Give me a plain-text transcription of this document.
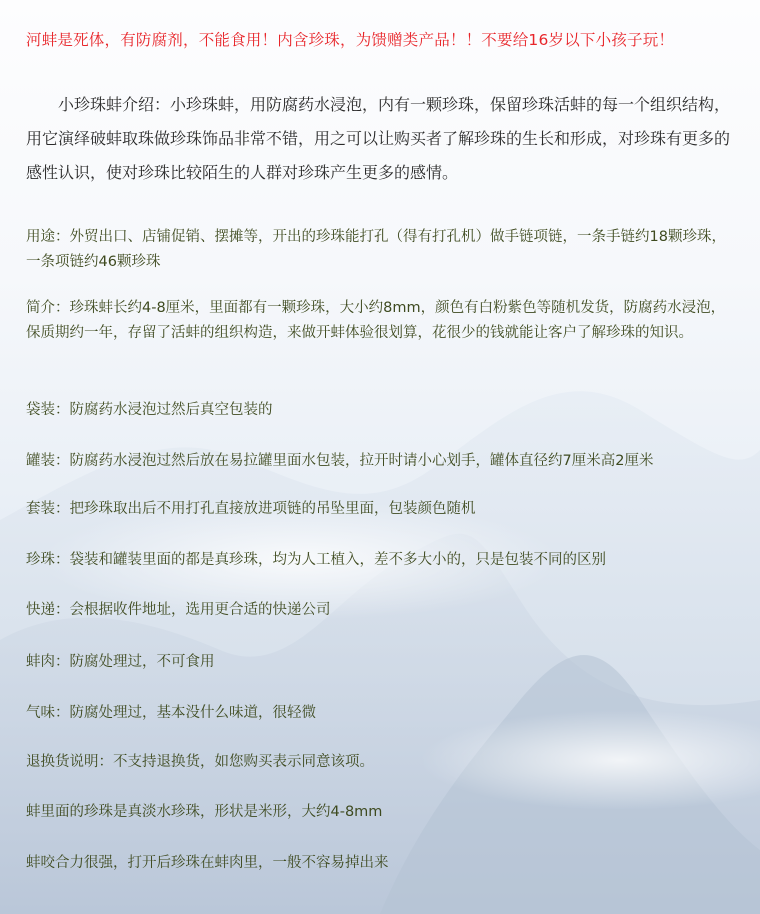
河蚌是死体，有防腐剂，不能食用！内含珍珠，为馈赠类产品！！不要给16岁以下小孩子玩！

小珍珠蚌介绍：小珍珠蚌，用防腐药水浸泡，内有一颗珍珠，保留珍珠活蚌的每一个组织结构，用它演绎破蚌取珠做珍珠饰品非常不错，用之可以让购买者了解珍珠的生长和形成，对珍珠有更多的感性认识，使对珍珠比较陌生的人群对珍珠产生更多的感情。

用途：外贸出口、店铺促销、摆摊等，开出的珍珠能打孔（得有打孔机）做手链项链，一条手链约18颗珍珠，一条项链约46颗珍珠

简介：珍珠蚌长约4-8厘米，里面都有一颗珍珠，大小约8mm，颜色有白粉紫色等随机发货，防腐药水浸泡，保质期约一年，存留了活蚌的组织构造，来做开蚌体验很划算，花很少的钱就能让客户了解珍珠的知识。

袋装：防腐药水浸泡过然后真空包装的

罐装：防腐药水浸泡过然后放在易拉罐里面水包装，拉开时请小心划手，罐体直径约7厘米高2厘米

套装：把珍珠取出后不用打孔直接放进项链的吊坠里面，包装颜色随机

珍珠：袋装和罐装里面的都是真珍珠，均为人工植入，差不多大小的，只是包装不同的区别

快递：会根据收件地址，选用更合适的快递公司

蚌肉：防腐处理过，不可食用

气味：防腐处理过，基本没什么味道，很轻微

退换货说明：不支持退换货，如您购买表示同意该项。

蚌里面的珍珠是真淡水珍珠，形状是米形，大约4-8mm

蚌咬合力很强，打开后珍珠在蚌肉里，一般不容易掉出来
